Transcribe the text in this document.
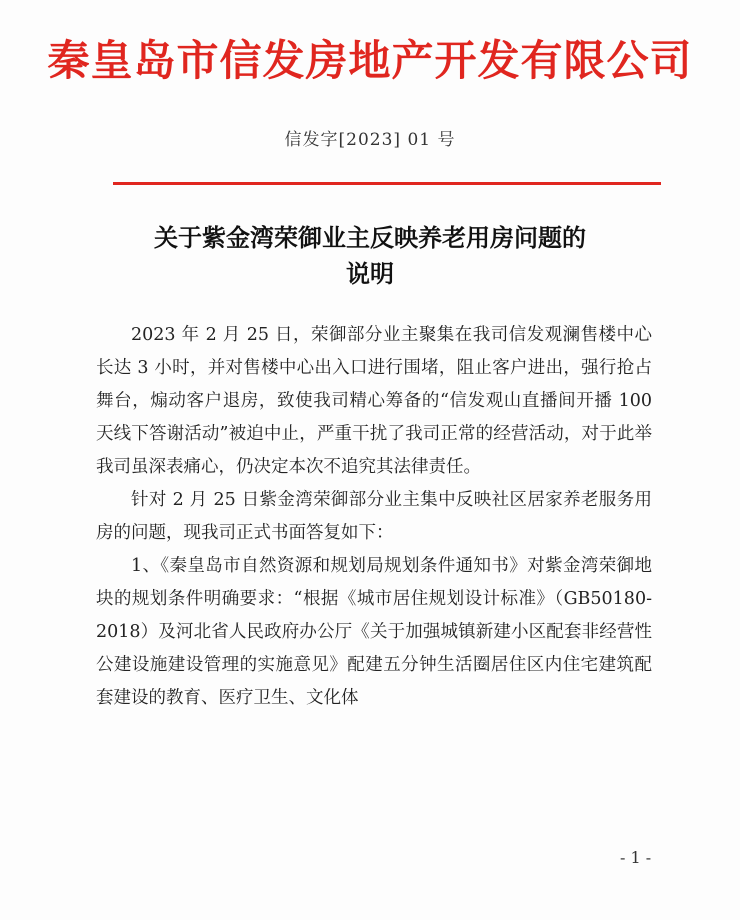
秦皇岛市信发房地产开发有限公司
信发字[2023] 01 号
关于紫金湾荣御业主反映养老用房问题的
说明

2023 年 2 月 25 日，荣御部分业主聚集在我司信发观澜售楼中心长达 3 小时，并对售楼中心出入口进行围堵，阻止客户进出，强行抢占舞台，煽动客户退房，致使我司精心筹备的“信发观山直播间开播 100 天线下答谢活动”被迫中止，严重干扰了我司正常的经营活动，对于此举我司虽深表痛心，仍决定本次不追究其法律责任。

针对 2 月 25 日紫金湾荣御部分业主集中反映社区居家养老服务用房的问题，现我司正式书面答复如下：

1、《秦皇岛市自然资源和规划局规划条件通知书》对紫金湾荣御地块的规划条件明确要求：“根据《城市居住规划设计标准》（GB50180-2018）及河北省人民政府办公厅《关于加强城镇新建小区配套非经营性公建设施建设管理的实施意见》配建五分钟生活圈居住区内住宅建筑配套建设的教育、医疗卫生、文化体

- 1 -
